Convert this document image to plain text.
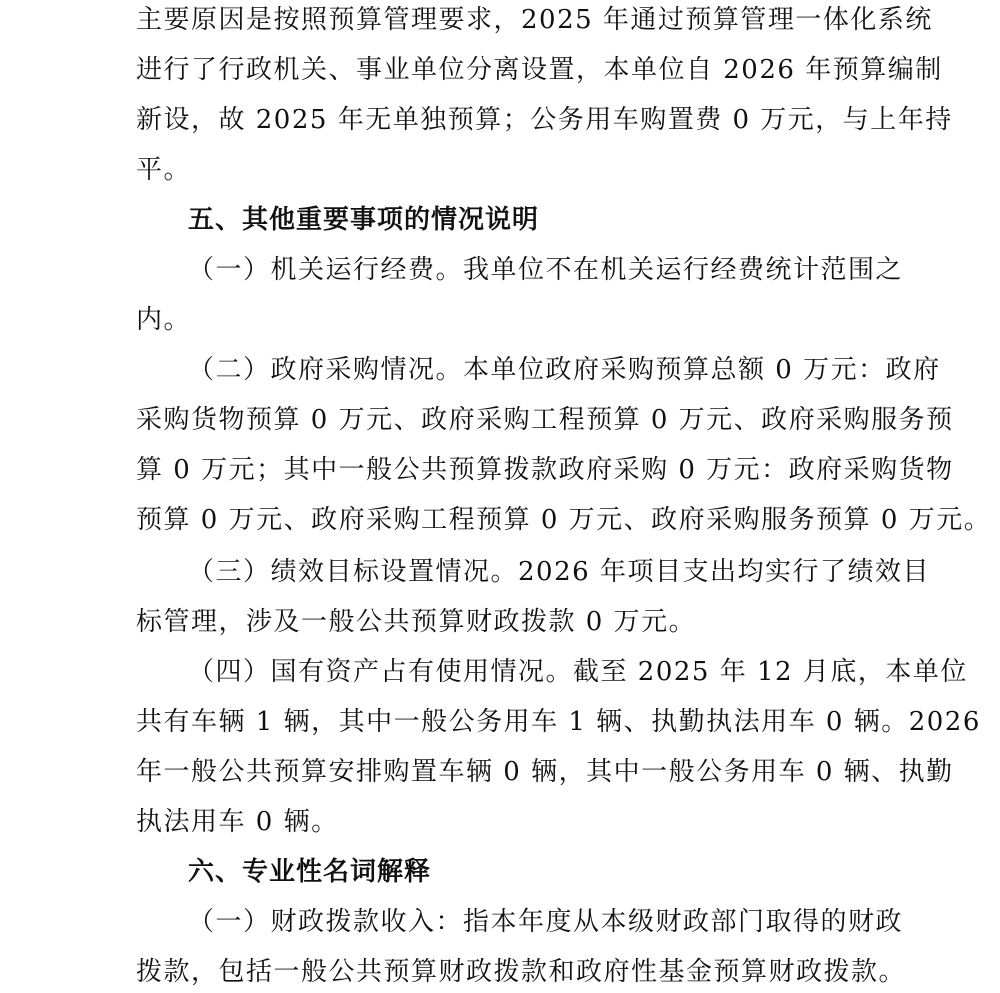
主要原因是按照预算管理要求，2025 年通过预算管理一体化系统
进行了行政机关、事业单位分离设置，本单位自 2026 年预算编制
新设，故 2025 年无单独预算；公务用车购置费 0 万元，与上年持
平。
五、其他重要事项的情况说明
（一）机关运行经费。我单位不在机关运行经费统计范围之
内。
（二）政府采购情况。本单位政府采购预算总额 0 万元：政府
采购货物预算 0 万元、政府采购工程预算 0 万元、政府采购服务预
算 0 万元；其中一般公共预算拨款政府采购 0 万元：政府采购货物
预算 0 万元、政府采购工程预算 0 万元、政府采购服务预算 0 万元。
（三）绩效目标设置情况。2026 年项目支出均实行了绩效目
标管理，涉及一般公共预算财政拨款 0 万元。
（四）国有资产占有使用情况。截至 2025 年 12 月底，本单位
共有车辆 1 辆，其中一般公务用车 1 辆、执勤执法用车 0 辆。2026
年一般公共预算安排购置车辆 0 辆，其中一般公务用车 0 辆、执勤
执法用车 0 辆。
六、专业性名词解释
（一）财政拨款收入：指本年度从本级财政部门取得的财政
拨款，包括一般公共预算财政拨款和政府性基金预算财政拨款。
